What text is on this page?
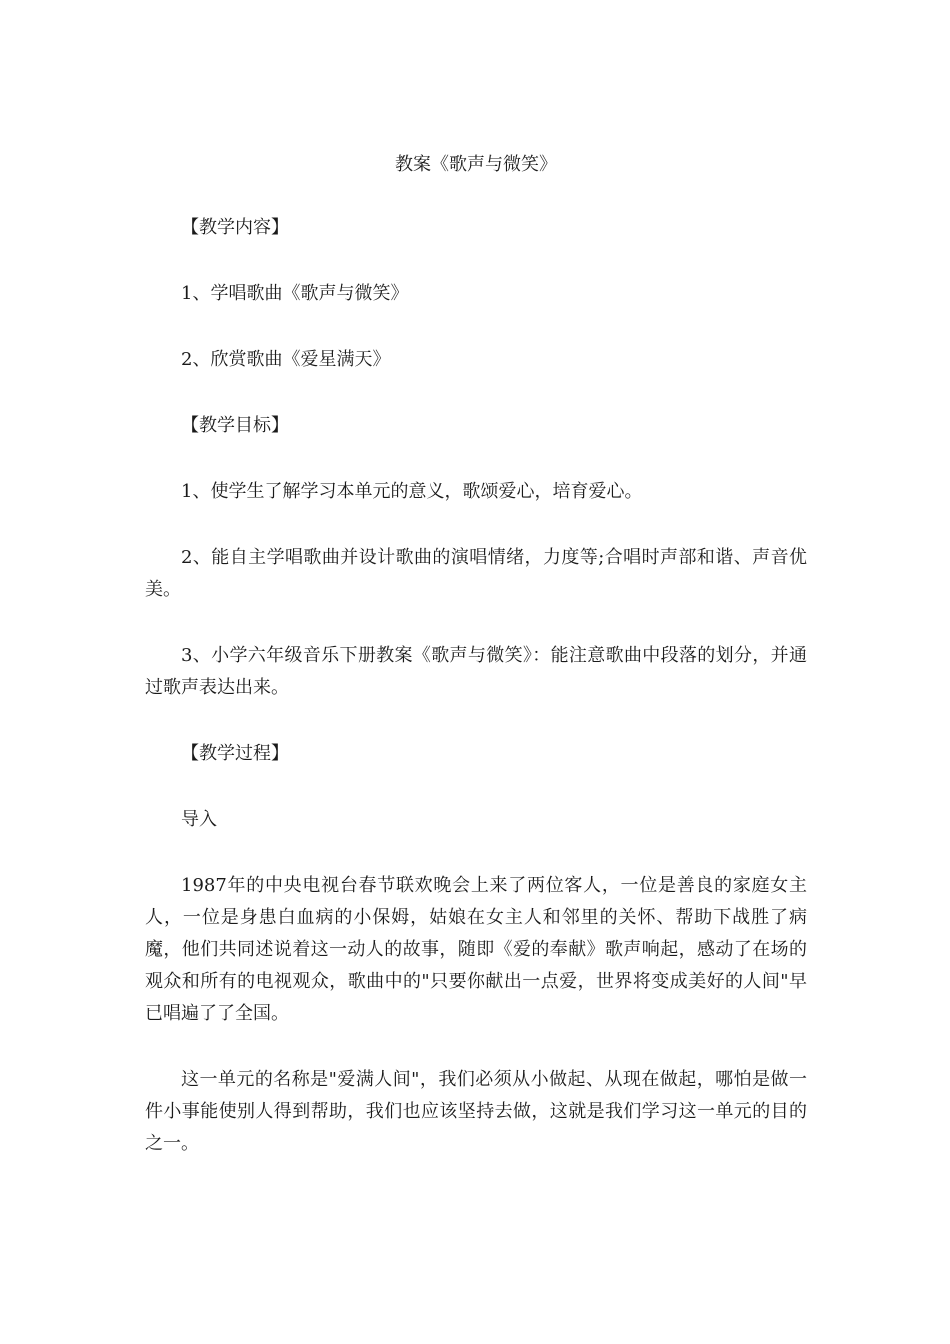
教案《歌声与微笑》

【教学内容】

1、学唱歌曲《歌声与微笑》

2、欣赏歌曲《爱星满天》

【教学目标】

1、使学生了解学习本单元的意义，歌颂爱心，培育爱心。

2、能自主学唱歌曲并设计歌曲的演唱情绪，力度等;合唱时声部和谐、声音优美。

3、小学六年级音乐下册教案《歌声与微笑》：能注意歌曲中段落的划分，并通过歌声表达出来。

【教学过程】

导入

1987年的中央电视台春节联欢晚会上来了两位客人，一位是善良的家庭女主人，一位是身患白血病的小保姆，姑娘在女主人和邻里的关怀、帮助下战胜了病魔，他们共同述说着这一动人的故事，随即《爱的奉献》歌声响起，感动了在场的观众和所有的电视观众，歌曲中的"只要你献出一点爱，世界将变成美好的人间"早已唱遍了了全国。

这一单元的名称是"爱满人间"，我们必须从小做起、从现在做起，哪怕是做一件小事能使别人得到帮助，我们也应该坚持去做，这就是我们学习这一单元的目的之一。
